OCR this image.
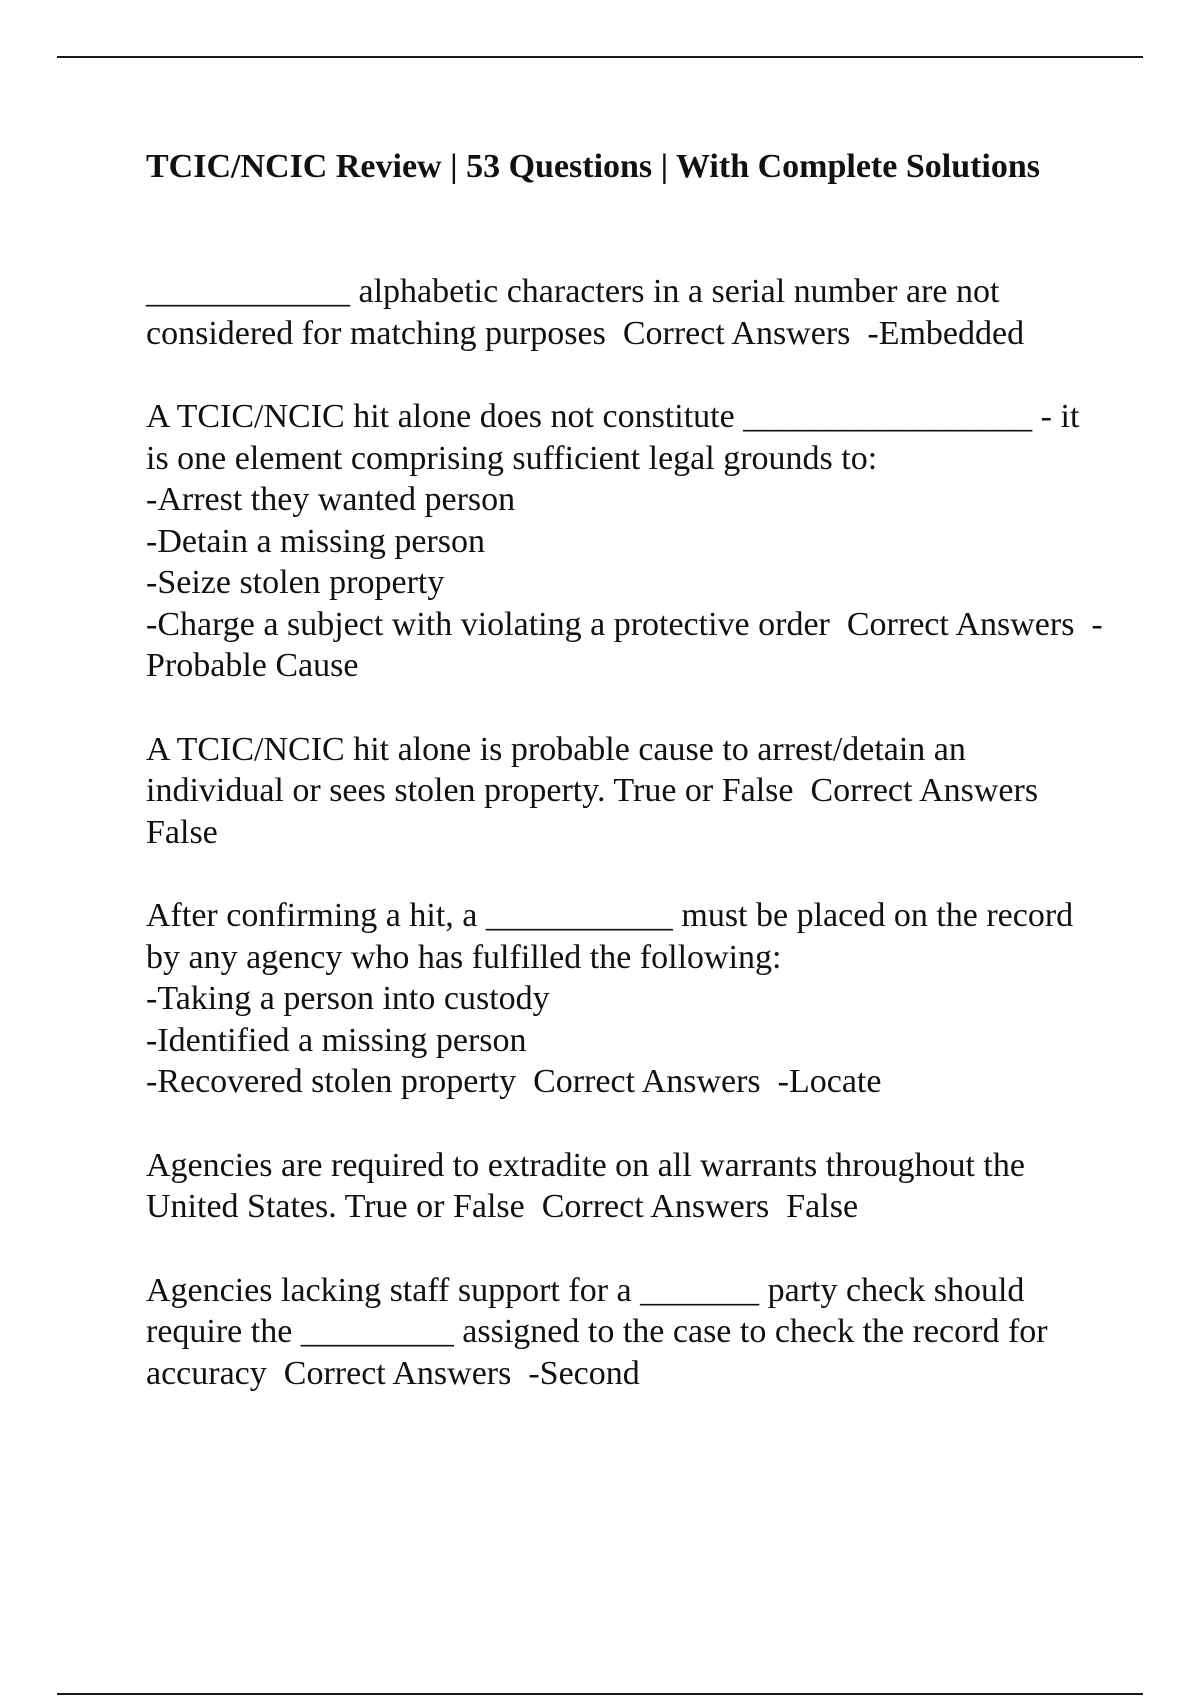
TCIC/NCIC Review | 53 Questions | With Complete Solutions

____________ alphabetic characters in a serial number are not considered for matching purposes  Correct Answers  -Embedded

A TCIC/NCIC hit alone does not constitute _________________ - it is one element comprising sufficient legal grounds to:
-Arrest they wanted person
-Detain a missing person
-Seize stolen property
-Charge a subject with violating a protective order  Correct Answers  -Probable Cause

A TCIC/NCIC hit alone is probable cause to arrest/detain an individual or sees stolen property. True or False  Correct Answers  False

After confirming a hit, a ___________ must be placed on the record by any agency who has fulfilled the following:
-Taking a person into custody
-Identified a missing person
-Recovered stolen property  Correct Answers  -Locate

Agencies are required to extradite on all warrants throughout the United States. True or False  Correct Answers  False

Agencies lacking staff support for a _______ party check should require the _________ assigned to the case to check the record for accuracy  Correct Answers  -Second
